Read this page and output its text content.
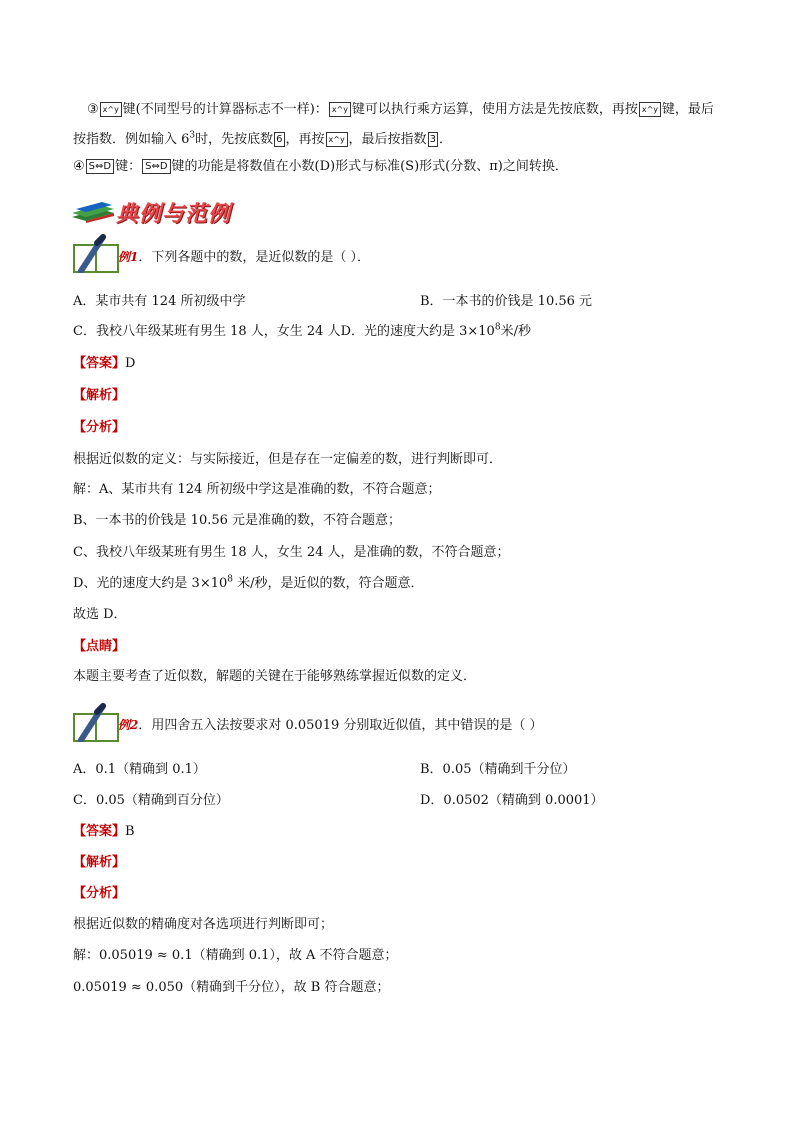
③ x^y 键(不同型号的计算器标志不一样)： x^y 键可以执行乘方运算，使用方法是先按底数，再按 x^y 键，最后
按指数．例如输入 $6^3$时，先按底数 6 ，再按 x^y ，最后按指数 3 ．
④ S⇔D 键： S⇔D 键的功能是将数值在小数(D)形式与标准(S)形式(分数、π)之间转换．
典例与范例
例1．下列各题中的数，是近似数的是（ ）．
A．某市共有 124 所初级中学	B．一本书的价钱是 10.56 元
C．我校八年级某班有男生 18 人，女生 24 人D．光的速度大约是 $3\times 10^8$米/秒
【答案】D
【解析】
【分析】
根据近似数的定义：与实际接近，但是存在一定偏差的数，进行判断即可．
解：A、某市共有 124 所初级中学这是准确的数，不符合题意；
B、一本书的价钱是 10.56 元是准确的数，不符合题意；
C、我校八年级某班有男生 18 人，女生 24 人，是准确的数，不符合题意；
D、光的速度大约是 $3\times 10^8$ 米/秒，是近似的数，符合题意．
故选 D．
【点睛】
本题主要考查了近似数，解题的关键在于能够熟练掌握近似数的定义．
例2．用四舍五入法按要求对 0.05019 分别取近似值，其中错误的是（ ）
A．0.1（精确到 0.1）	B．0.05（精确到千分位）
C．0.05（精确到百分位）	D．0.0502（精确到 0.0001）
【答案】B
【解析】
【分析】
根据近似数的精确度对各选项进行判断即可；
解：0.05019 ≈ 0.1（精确到 0.1），故 A 不符合题意；
0.05019 ≈ 0.050（精确到千分位），故 B 符合题意；
